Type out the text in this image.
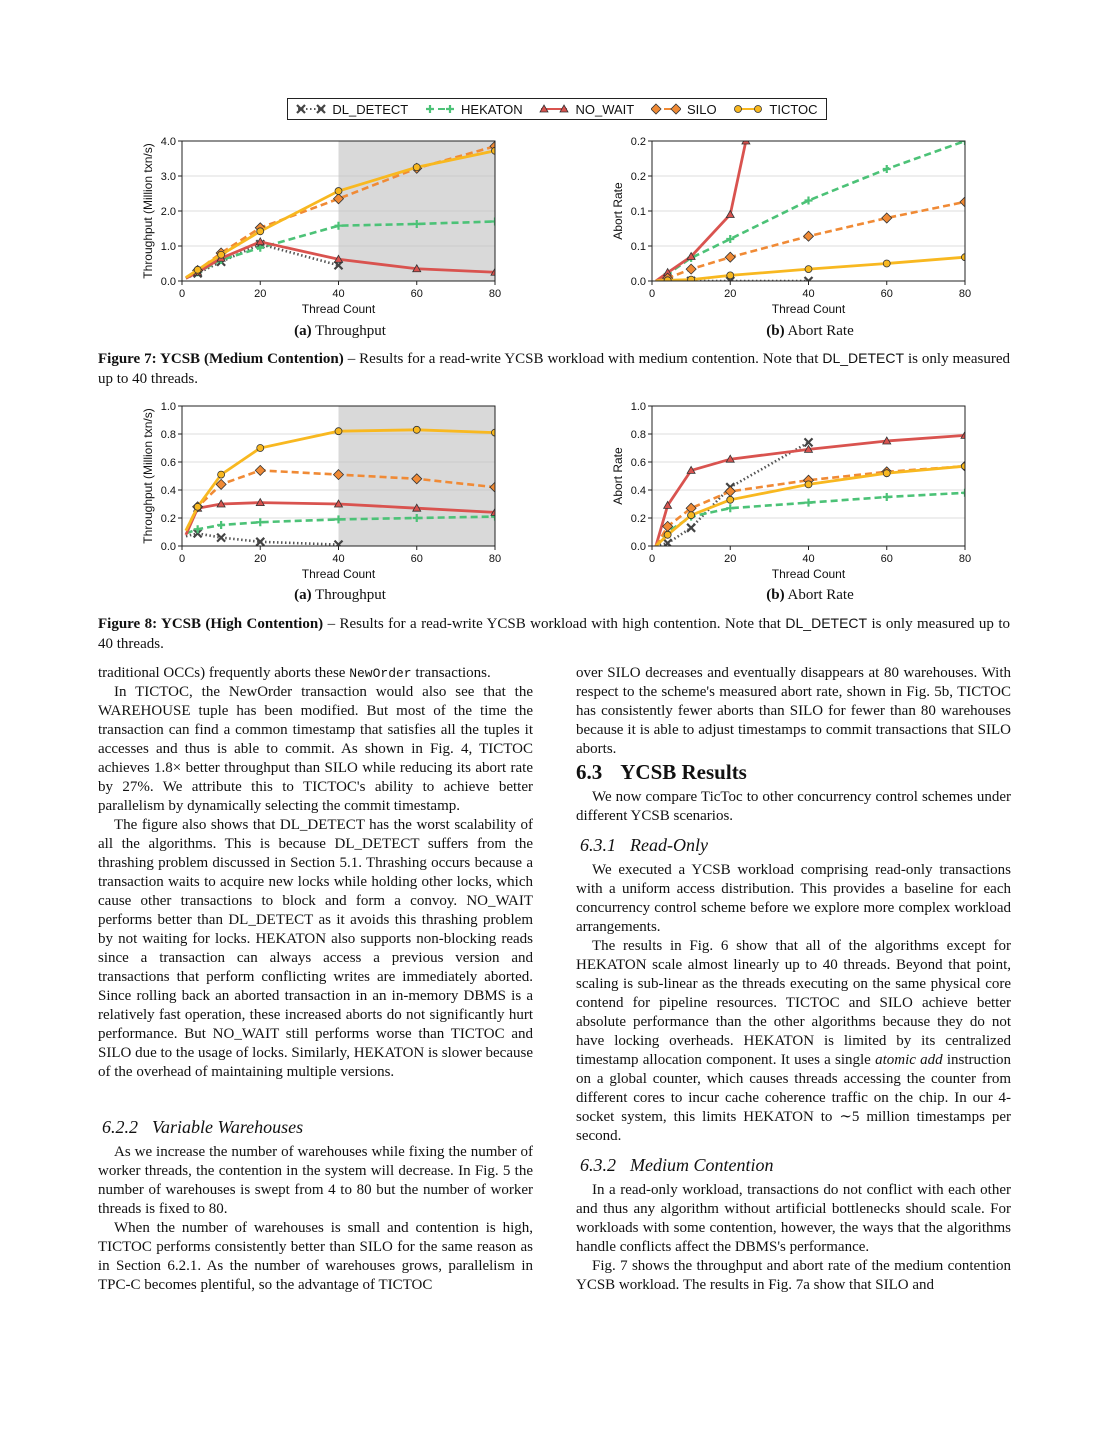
DL_DETECT	HEKATON	NO_WAIT	SILO	TICTOC
0.0
1.0
2.0
3.0
4.0
0	20	40	60	80
Thread Count
Throughput (Million txn/s)
0.0
0.1
0.1
0.2
0.2
0	20	40	60	80
Thread Count
Abort Rate
(a) Throughput	(b) Abort Rate
Figure 7: YCSB (Medium Contention) – Results for a read-write YCSB workload with medium contention. Note that DL_DETECT is only measured up to 40 threads.
0.0
0.2
0.4
0.6
0.8
1.0
0	20	40	60	80
Thread Count
Throughput (Million txn/s)
0.0
0.2
0.4
0.6
0.8
1.0
0	20	40	60	80
Thread Count
Abort Rate
(a) Throughput	(b) Abort Rate
Figure 8: YCSB (High Contention) – Results for a read-write YCSB workload with high contention. Note that DL_DETECT is only measured up to 40 threads.

traditional OCCs) frequently aborts these NewOrder transactions.

In TICTOC, the NewOrder transaction would also see that the WAREHOUSE tuple has been modified. But most of the time the transaction can find a common timestamp that satisfies all the tuples it accesses and thus is able to commit. As shown in Fig. 4, TICTOC achieves 1.8× better throughput than SILO while reducing its abort rate by 27%. We attribute this to TICTOC's ability to achieve better parallelism by dynamically selecting the commit timestamp.

The figure also shows that DL_DETECT has the worst scalability of all the algorithms. This is because DL_DETECT suffers from the thrashing problem discussed in Section 5.1. Thrashing occurs because a transaction waits to acquire new locks while holding other locks, which cause other transactions to block and form a convoy. NO_WAIT performs better than DL_DETECT as it avoids this thrashing problem by not waiting for locks. HEKATON also supports non-blocking reads since a transaction can always access a previous version and transactions that perform conflicting writes are immediately aborted. Since rolling back an aborted transaction in an in-memory DBMS is a relatively fast operation, these increased aborts do not significantly hurt performance. But NO_WAIT still performs worse than TICTOC and SILO due to the usage of locks. Similarly, HEKATON is slower because of the overhead of maintaining multiple versions.

6.2.2 Variable Warehouses

As we increase the number of warehouses while fixing the number of worker threads, the contention in the system will decrease. In Fig. 5 the number of warehouses is swept from 4 to 80 but the number of worker threads is fixed to 80.

When the number of warehouses is small and contention is high, TICTOC performs consistently better than SILO for the same reason as in Section 6.2.1. As the number of warehouses grows, parallelism in TPC-C becomes plentiful, so the advantage of TICTOC

over SILO decreases and eventually disappears at 80 warehouses. With respect to the scheme's measured abort rate, shown in Fig. 5b, TICTOC has consistently fewer aborts than SILO for fewer than 80 warehouses because it is able to adjust timestamps to commit transactions that SILO aborts.

6.3 YCSB Results

We now compare TicToc to other concurrency control schemes under different YCSB scenarios.

6.3.1 Read-Only

We executed a YCSB workload comprising read-only transactions with a uniform access distribution. This provides a baseline for each concurrency control scheme before we explore more complex workload arrangements.

The results in Fig. 6 show that all of the algorithms except for HEKATON scale almost linearly up to 40 threads. Beyond that point, scaling is sub-linear as the threads executing on the same physical core contend for pipeline resources. TICTOC and SILO achieve better absolute performance than the other algorithms because they do not have locking overheads. HEKATON is limited by its centralized timestamp allocation component. It uses a single atomic add instruction on a global counter, which causes threads accessing the counter from different cores to incur cache coherence traffic on the chip. In our 4-socket system, this limits HEKATON to ∼5 million timestamps per second.

6.3.2 Medium Contention

In a read-only workload, transactions do not conflict with each other and thus any algorithm without artificial bottlenecks should scale. For workloads with some contention, however, the ways that the algorithms handle conflicts affect the DBMS's performance.

Fig. 7 shows the throughput and abort rate of the medium contention YCSB workload. The results in Fig. 7a show that SILO and
